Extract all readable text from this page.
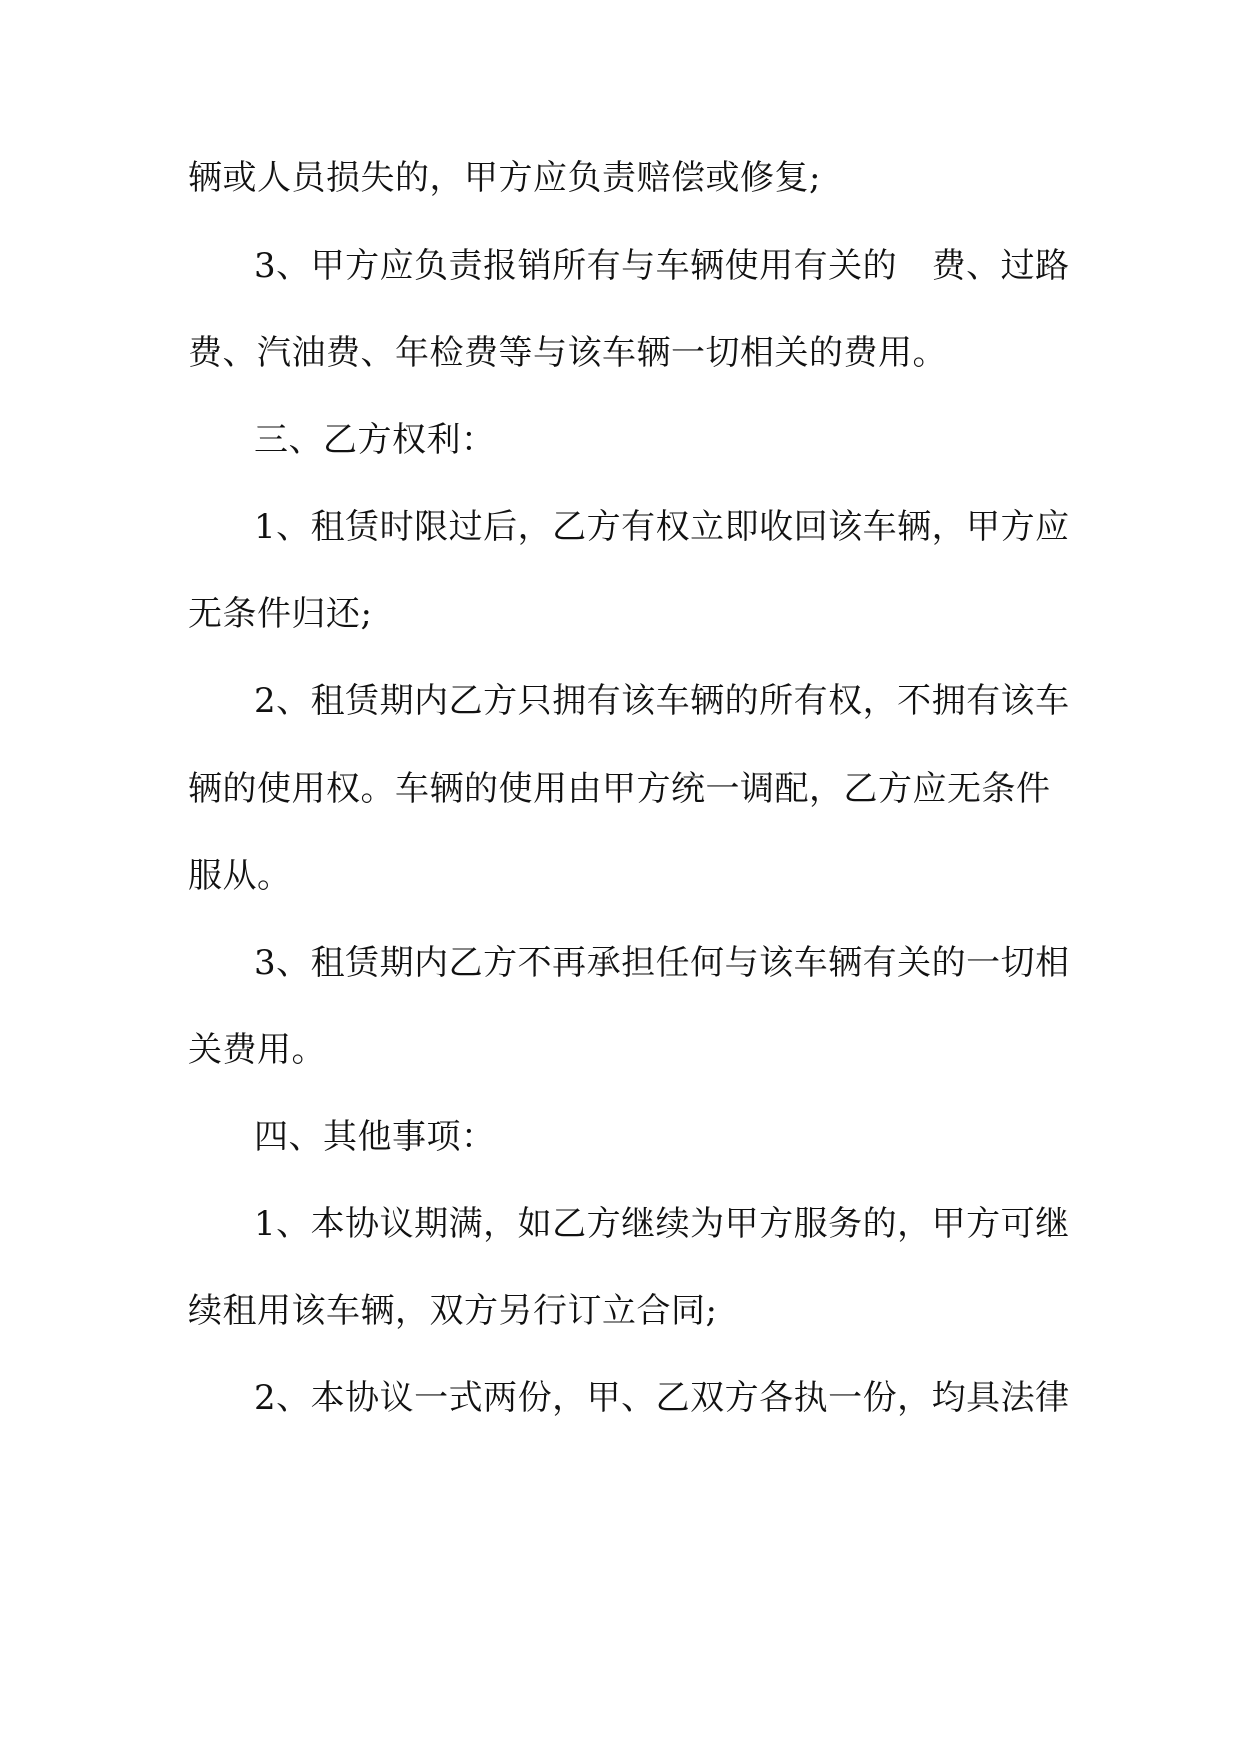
辆或人员损失的，甲方应负责赔偿或修复;
3、甲方应负责报销所有与车辆使用有关的　费、过路
费、汽油费、年检费等与该车辆一切相关的费用。
三、乙方权利：
1、租赁时限过后，乙方有权立即收回该车辆，甲方应
无条件归还;
2、租赁期内乙方只拥有该车辆的所有权，不拥有该车
辆的使用权。车辆的使用由甲方统一调配，乙方应无条件
服从。
3、租赁期内乙方不再承担任何与该车辆有关的一切相
关费用。
四、其他事项：
1、本协议期满，如乙方继续为甲方服务的，甲方可继
续租用该车辆，双方另行订立合同;
2、本协议一式两份，甲、乙双方各执一份，均具法律
